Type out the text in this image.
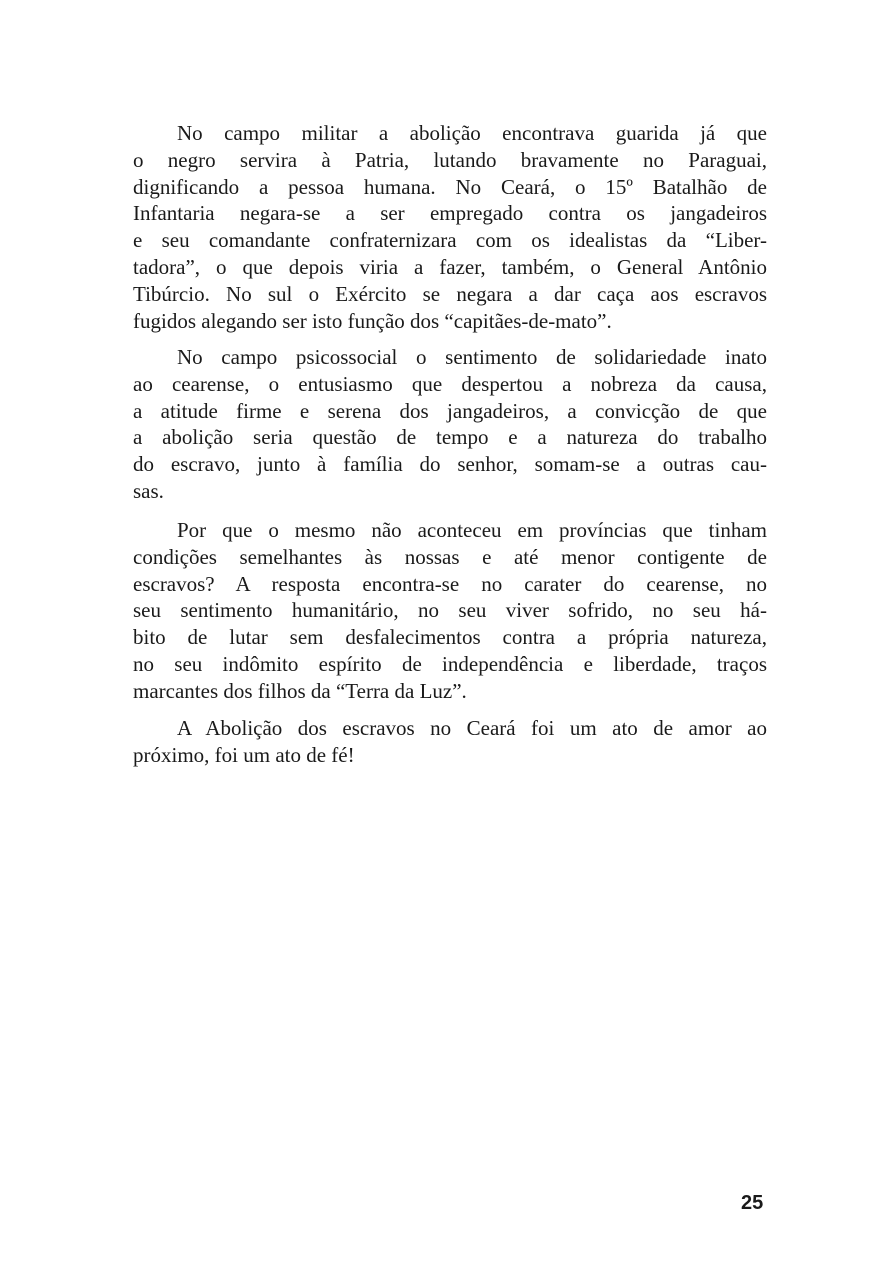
No campo militar a abolição encontrava guarida já que
o negro servira à Patria, lutando bravamente no Paraguai,
dignificando a pessoa humana. No Ceará, o 15º Batalhão de
Infantaria negara-se a ser empregado contra os jangadeiros
e seu comandante confraternizara com os idealistas da “Liber-
tadora”, o que depois viria a fazer, também, o General Antônio
Tibúrcio. No sul o Exército se negara a dar caça aos escravos
fugidos alegando ser isto função dos “capitães-de-mato”.
No campo psicossocial o sentimento de solidariedade inato
ao cearense, o entusiasmo que despertou a nobreza da causa,
a atitude firme e serena dos jangadeiros, a convicção de que
a abolição seria questão de tempo e a natureza do trabalho
do escravo, junto à família do senhor, somam-se a outras cau-
sas.
Por que o mesmo não aconteceu em províncias que tinham
condições semelhantes às nossas e até menor contigente de
escravos? A resposta encontra-se no carater do cearense, no
seu sentimento humanitário, no seu viver sofrido, no seu há-
bito de lutar sem desfalecimentos contra a própria natureza,
no seu indômito espírito de independência e liberdade, traços
marcantes dos filhos da “Terra da Luz”.
A Abolição dos escravos no Ceará foi um ato de amor ao
próximo, foi um ato de fé!
25
